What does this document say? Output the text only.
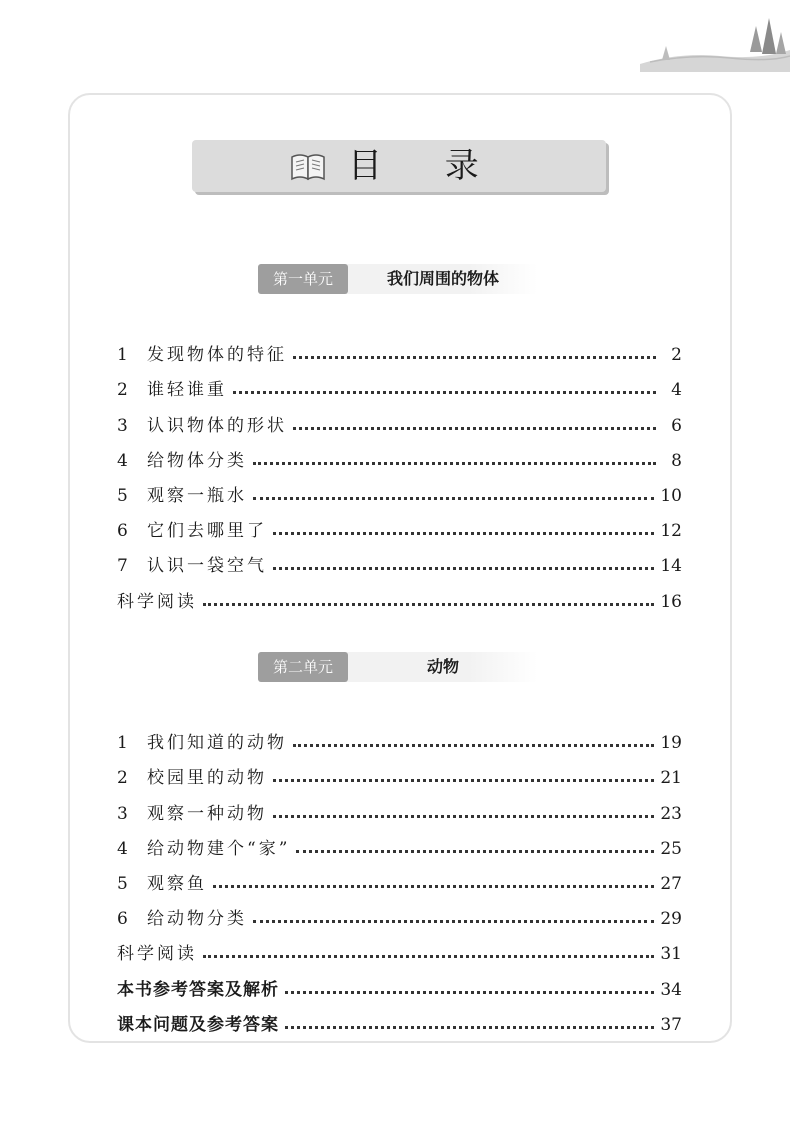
目 录
第一单元	我们周围的物体
1	发现物体的特征	2
2	谁轻谁重	4
3	认识物体的形状	6
4	给物体分类	8
5	观察一瓶水	10
6	它们去哪里了	12
7	认识一袋空气	14
科学阅读	16
第二单元	动物
1	我们知道的动物	19
2	校园里的动物	21
3	观察一种动物	23
4	给动物建个“家”	25
5	观察鱼	27
6	给动物分类	29
科学阅读	31
本书参考答案及解析	34
课本问题及参考答案	37
